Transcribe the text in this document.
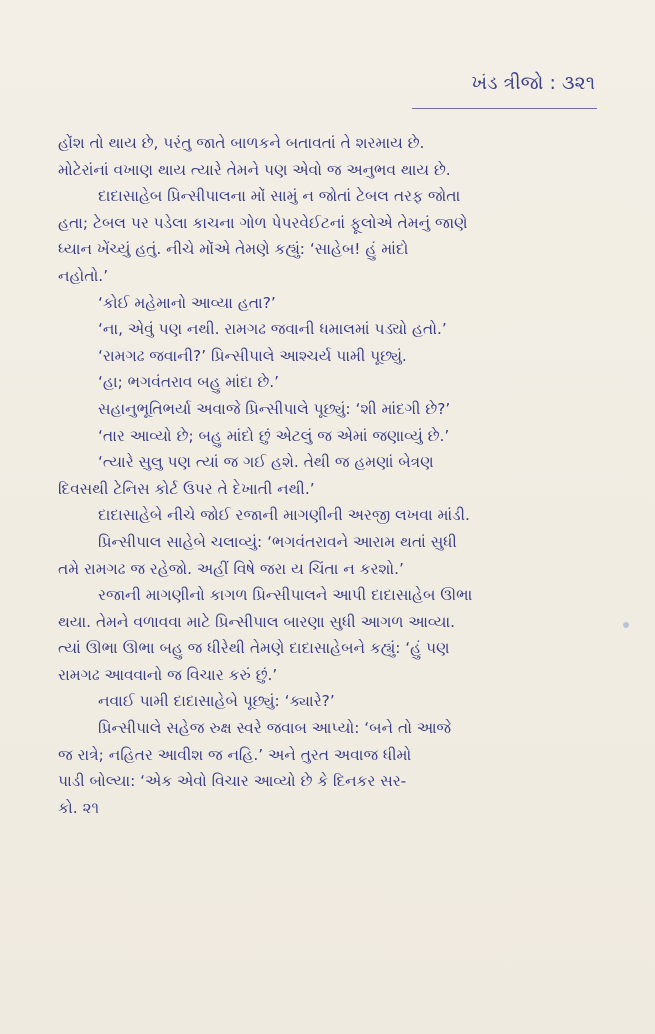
ખંડ ત્રીજો : ૩૨૧
હોંશ તો થાય છે, પરંતુ જાતે બાળકને બતાવતાં તે શરમાય છે.
મોટેરાંનાં વખાણ થાય ત્યારે તેમને પણ એવો જ અનુભવ થાય છે.
દાદાસાહેબ પ્રિન્સીપાલના મોં સામું ન જોતાં ટેબલ તરફ જોતા
હતા; ટેબલ પર પડેલા કાચના ગોળ પેપરવેઈટનાં ફૂલોએ તેમનું જાણે
ધ્યાન ખેંચ્યું હતું. નીચે મોંએ તેમણે કહ્યું: ‘સાહેબ! હું માંદો
નહોતો.’
‘કોઈ મહેમાનો આવ્યા હતા?’
‘ના, એવું પણ નથી. રામગઢ જવાની ધમાલમાં પડ્યો હતો.’
‘રામગઢ જવાની?’ પ્રિન્સીપાલે આશ્ચર્ય પામી પૂછ્યું.
‘હા; ભગવંતરાવ બહુ માંદા છે.’
સહાનુભૂતિભર્યા અવાજે પ્રિન્સીપાલે પૂછ્યું: ‘શી માંદગી છે?’
‘તાર આવ્યો છે; બહુ માંદો છું એટલું જ એમાં જણાવ્યું છે.’
‘ત્યારે સુલુ પણ ત્યાં જ ગઈ હશે. તેથી જ હમણાં બેત્રણ
દિવસથી ટેનિસ કોર્ટ ઉપર તે દેખાતી નથી.’
દાદાસાહેબે નીચે જોઈ રજાની માગણીની અરજી લખવા માંડી.
પ્રિન્સીપાલ સાહેબે ચલાવ્યું: ‘ભગવંતરાવને આરામ થતાં સુધી
તમે રામગઢ જ રહેજો. અહીં વિષે જરા ય ચિંતા ન કરશો.’
રજાની માગણીનો કાગળ પ્રિન્સીપાલને આપી દાદાસાહેબ ઊભા
થયા. તેમને વળાવવા માટે પ્રિન્સીપાલ બારણા સુધી આગળ આવ્યા.
ત્યાં ઊભા ઊભા બહુ જ ધીરેથી તેમણે દાદાસાહેબને કહ્યું: ‘હું પણ
રામગઢ આવવાનો જ વિચાર કરું છું.’
નવાઈ પામી દાદાસાહેબે પૂછ્યું: ‘ક્યારે?’
પ્રિન્સીપાલે સહેજ રુક્ષ સ્વરે જવાબ આપ્યો: ‘બને તો આજે
જ રાત્રે; નહિતર આવીશ જ નહિ.’ અને તુરત અવાજ ધીમો
પાડી બોલ્યા: ‘એક એવો વિચાર આવ્યો છે કે દિનકર સર-
કો. ૨૧
